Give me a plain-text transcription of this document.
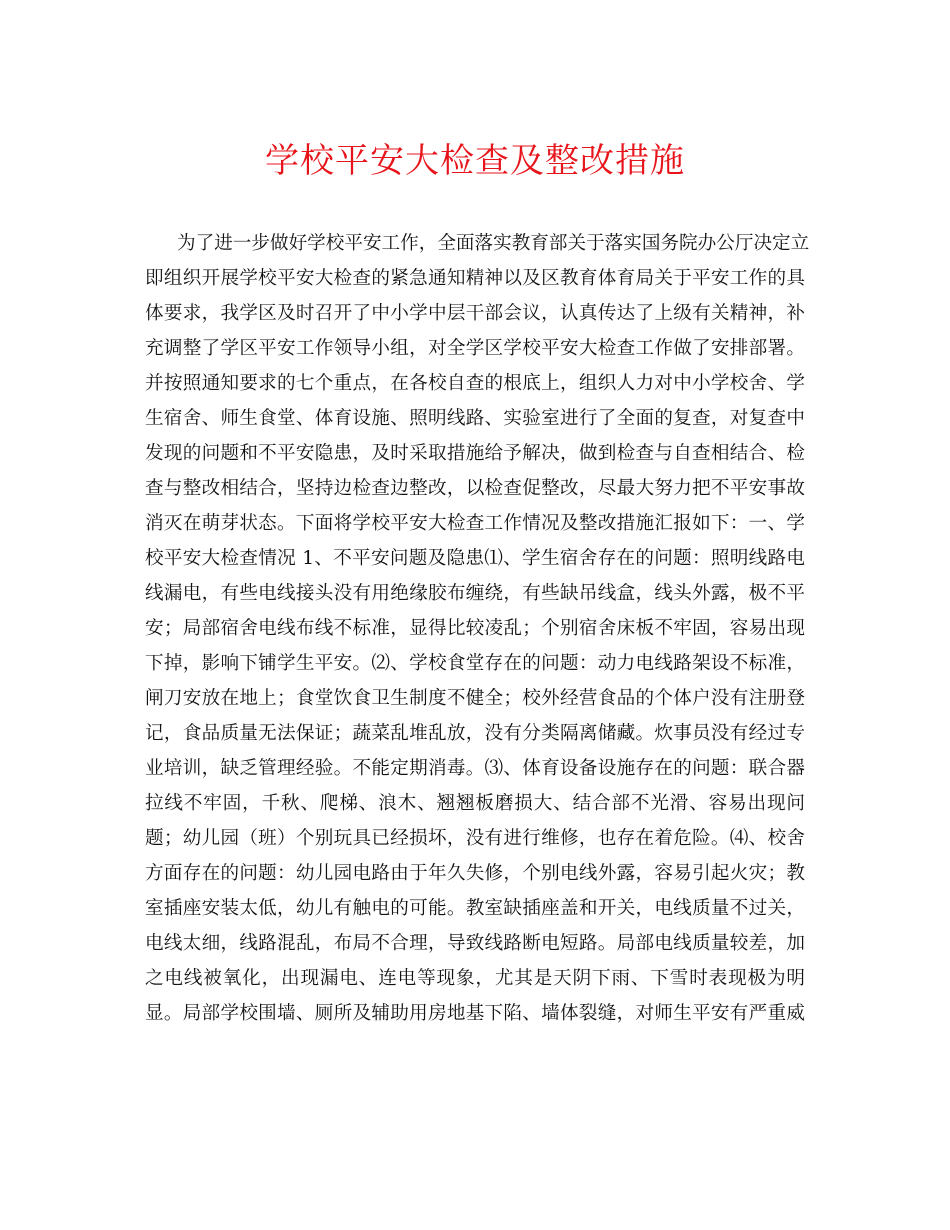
学校平安大检查及整改措施
为了进一步做好学校平安工作，全面落实教育部关于落实国务院办公厅决定立
即组织开展学校平安大检查的紧急通知精神以及区教育体育局关于平安工作的具
体要求，我学区及时召开了中小学中层干部会议，认真传达了上级有关精神，补
充调整了学区平安工作领导小组，对全学区学校平安大检查工作做了安排部署。
并按照通知要求的七个重点，在各校自查的根底上，组织人力对中小学校舍、学
生宿舍、师生食堂、体育设施、照明线路、实验室进行了全面的复查，对复查中
发现的问题和不平安隐患，及时采取措施给予解决，做到检查与自查相结合、检
查与整改相结合，坚持边检查边整改，以检查促整改，尽最大努力把不平安事故
消灭在萌芽状态。下面将学校平安大检查工作情况及整改措施汇报如下：一、学
校平安大检查情况 1、不平安问题及隐患⑴、学生宿舍存在的问题：照明线路电
线漏电，有些电线接头没有用绝缘胶布缠绕，有些缺吊线盒，线头外露，极不平
安；局部宿舍电线布线不标准，显得比较凌乱；个别宿舍床板不牢固，容易出现
下掉，影响下铺学生平安。⑵、学校食堂存在的问题：动力电线路架设不标准，
闸刀安放在地上；食堂饮食卫生制度不健全；校外经营食品的个体户没有注册登
记，食品质量无法保证；蔬菜乱堆乱放，没有分类隔离储藏。炊事员没有经过专
业培训，缺乏管理经验。不能定期消毒。⑶、体育设备设施存在的问题：联合器
拉线不牢固，千秋、爬梯、浪木、翘翘板磨损大、结合部不光滑、容易出现问
题；幼儿园（班）个别玩具已经损坏，没有进行维修，也存在着危险。⑷、校舍
方面存在的问题：幼儿园电路由于年久失修，个别电线外露，容易引起火灾；教
室插座安装太低，幼儿有触电的可能。教室缺插座盖和开关，电线质量不过关，
电线太细，线路混乱，布局不合理，导致线路断电短路。局部电线质量较差，加
之电线被氧化，出现漏电、连电等现象，尤其是天阴下雨、下雪时表现极为明
显。局部学校围墙、厕所及辅助用房地基下陷、墙体裂缝，对师生平安有严重威
